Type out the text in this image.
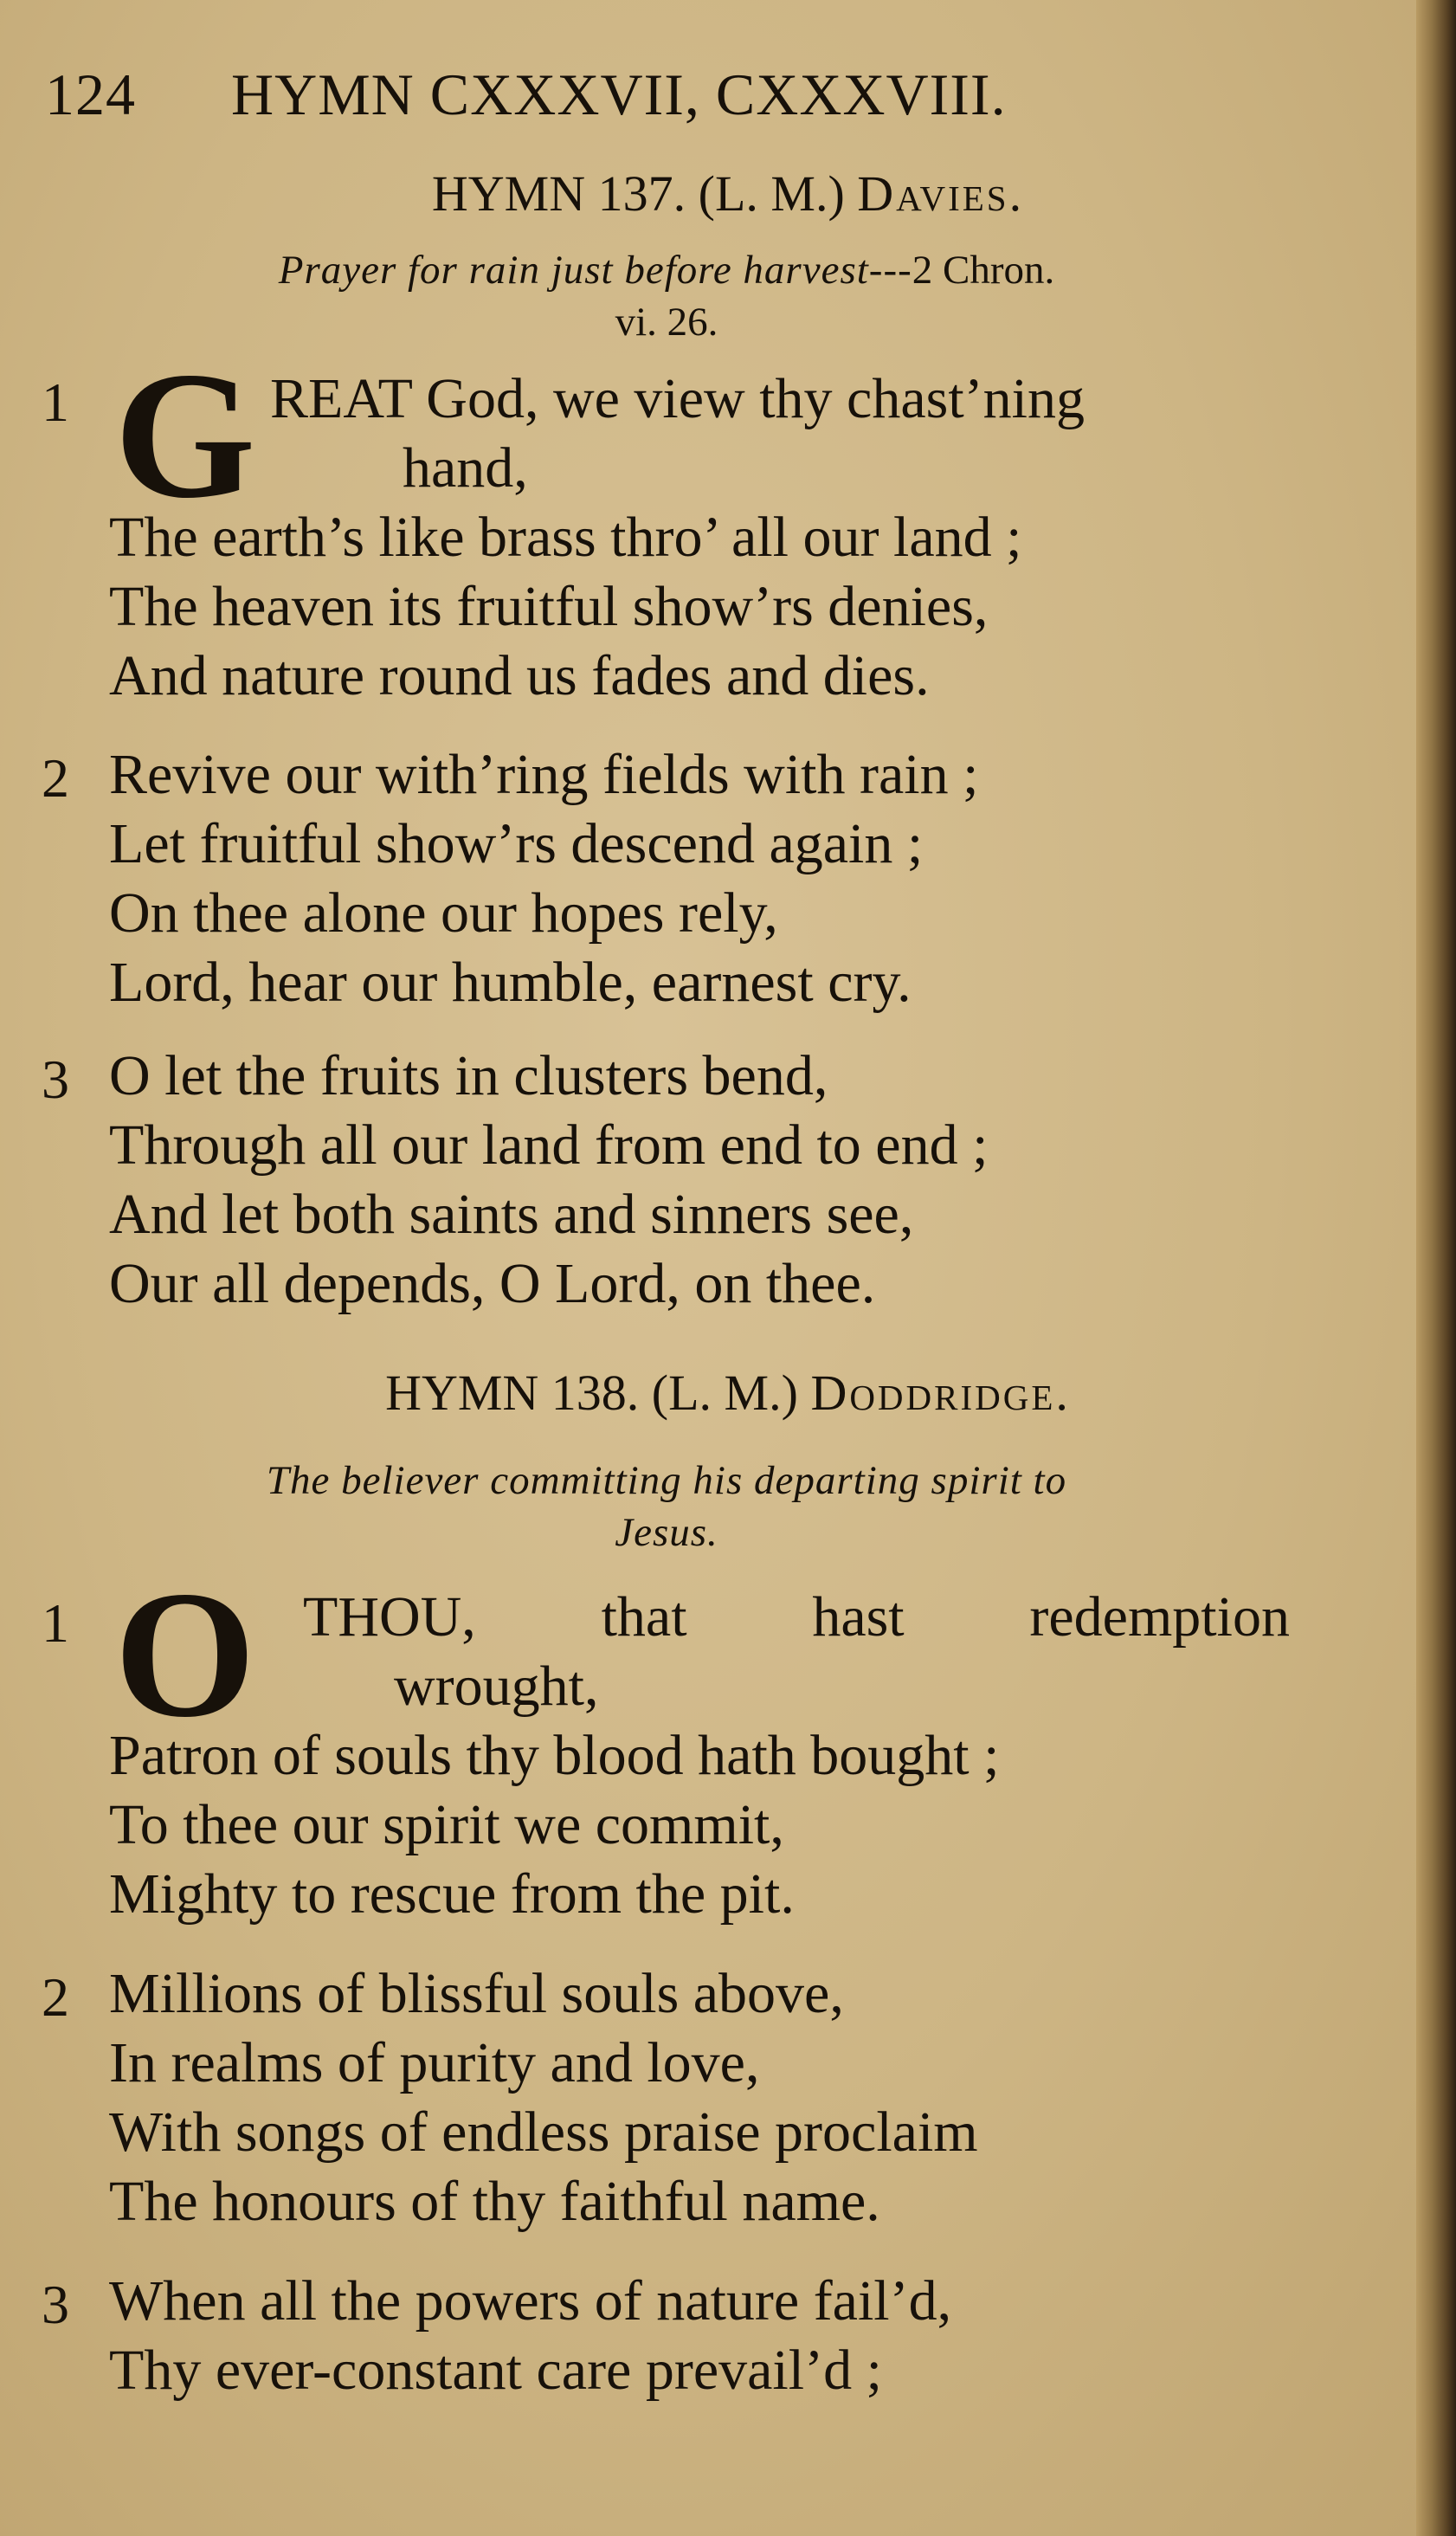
124 HYMN CXXXVII, CXXXVIII.
HYMN 137. (L. M.) Davies.
Prayer for rain just before harvest---2 Chron.
vi. 26.
1 G REAT God, we view thy chast’ning
hand,
The earth’s like brass thro’ all our land ;
The heaven its fruitful show’rs denies,
And nature round us fades and dies.
2 Revive our with’ring fields with rain ;
Let fruitful show’rs descend again ;
On thee alone our hopes rely,
Lord, hear our humble, earnest cry.
3 O let the fruits in clusters bend,
Through all our land from end to end ;
And let both saints and sinners see,
Our all depends, O Lord, on thee.
HYMN 138. (L. M.) Doddridge.
The believer committing his departing spirit to
Jesus.
1 O THOU, that hast redemption
wrought,
Patron of souls thy blood hath bought ;
To thee our spirit we commit,
Mighty to rescue from the pit.
2 Millions of blissful souls above,
In realms of purity and love,
With songs of endless praise proclaim
The honours of thy faithful name.
3 When all the powers of nature fail’d,
Thy ever-constant care prevail’d ;
